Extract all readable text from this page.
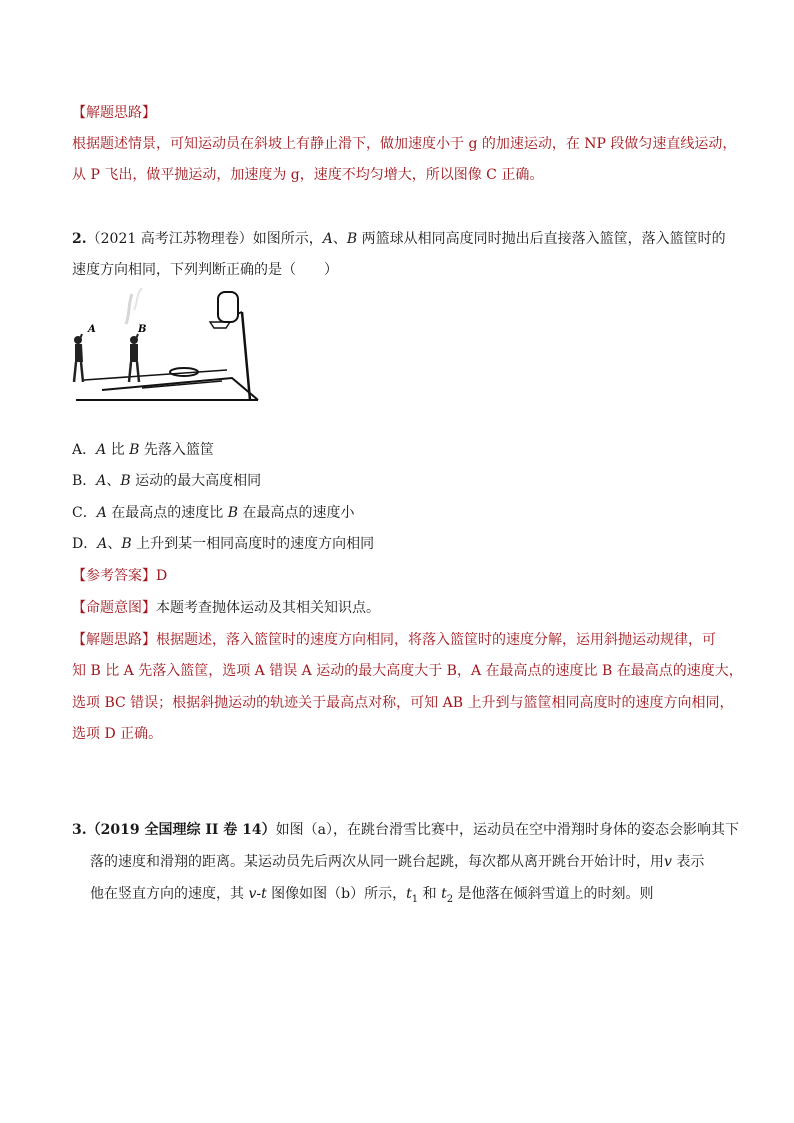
【解题思路】
根据题述情景，可知运动员在斜坡上有静止滑下，做加速度小于 g 的加速运动，在 NP 段做匀速直线运动，
从 P 飞出，做平抛运动，加速度为 g，速度不均匀增大，所以图像 C 正确。
2.（2021 高考江苏物理卷）如图所示，A、B 两篮球从相同高度同时抛出后直接落入篮筐，落入篮筐时的
速度方向相同，下列判断正确的是（　　）
A	B
A．A 比 B 先落入篮筐
B．A、B 运动的最大高度相同
C．A 在最高点的速度比 B 在最高点的速度小
D．A、B 上升到某一相同高度时的速度方向相同
【参考答案】D
【命题意图】本题考查抛体运动及其相关知识点。
【解题思路】根据题述，落入篮筐时的速度方向相同，将落入篮筐时的速度分解，运用斜抛运动规律，可
知 B 比 A 先落入篮筐，选项 A 错误 A 运动的最大高度大于 B，A 在最高点的速度比 B 在最高点的速度大，
选项 BC 错误；根据斜抛运动的轨迹关于最高点对称，可知 AB 上升到与篮筐相同高度时的速度方向相同，
选项 D 正确。
3.（2019 全国理综 II 卷 14）如图（a），在跳台滑雪比赛中，运动员在空中滑翔时身体的姿态会影响其下
落的速度和滑翔的距离。某运动员先后两次从同一跳台起跳，每次都从离开跳台开始计时，用v 表示
他在竖直方向的速度，其 v-t 图像如图（b）所示，$t_1$ 和 $t_2$ 是他落在倾斜雪道上的时刻。则
